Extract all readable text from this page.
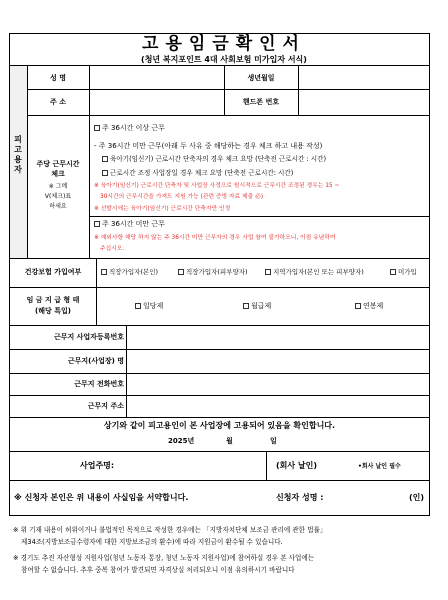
고용임금확인서
(청년 복지포인트 4대 사회보험 미가입자 서식)
피고용자
성 명	생년월일
주 소	핸드폰 번호
주당 근무시간
체크
※ 그메
V(체크)표
하세요
주 36시간 이상 근무
- 주 36시간 미만 근무(아래 두 사유 중 해당하는 경우 체크 하고 내용 작성)
육아기(임신기) 근로시간 단축자의 경우 체크 요망 (단축전 근로시간 : 시간)
근로시간 조정 사업장일 경우 체크 요망 (단축전 근로시간: 시간)
※ 육아기(임신기) 근로시간 단축자 및 사업장 사정으로 원시적으로 근무시간 조정된 경우는 15 ~
30시간의 근무시간을 가져도 지원 가능 (관련 증빙 자료 제출 必)
※ 선발시에는 육아기(임신기) 근로시간 단축자만 인정
주 36시간 미만 근무
※ 예외사항 해당 하지 않는 주 36시간 미만 근무자의 경우 사업 참여 불가하오니, 이점 유념하여
주십시오.
건강보험 가입여부	직장가입자(본인)	직장가입자(피부양자)	지역가입자(본인 또는 피부양자)	미가입
임 금 지 급 형 태
(해당 특입)
일당제	월급제	연봉제
근무지 사업자등록번호
근무지(사업장) 명
근무지 전화번호
근무지 주소
상기와 같이 피고용인이 본 사업장에 고용되어 있음을 확인합니다.
2025년	월	일
사업주명:	(회사 날인)	•회사 날인 필수
※ 신청자 본인은 위 내용이 사실임을 서약합니다.	신청자 성명 :	(인)
※ 위 기재 내용이 허위이거나 불법적인 목적으로 작성한 경우에는 「지방자치단체 보조금 관리에 관한 법률」
제34조(지방보조금수령자에 대한 지방보조금의 환수)에 따라 지원금이 환수될 수 있습니다.
※ 경기도 추진 자산형성 지원사업(청년 노동자 통장, 청년 노동자 지원사업)에 참여하실 경우 본 사업에는
참여할 수 없습니다. 추후 중복 참여가 발견되면 자격상실 처리되오니 이점 유의하시기 바랍니다
